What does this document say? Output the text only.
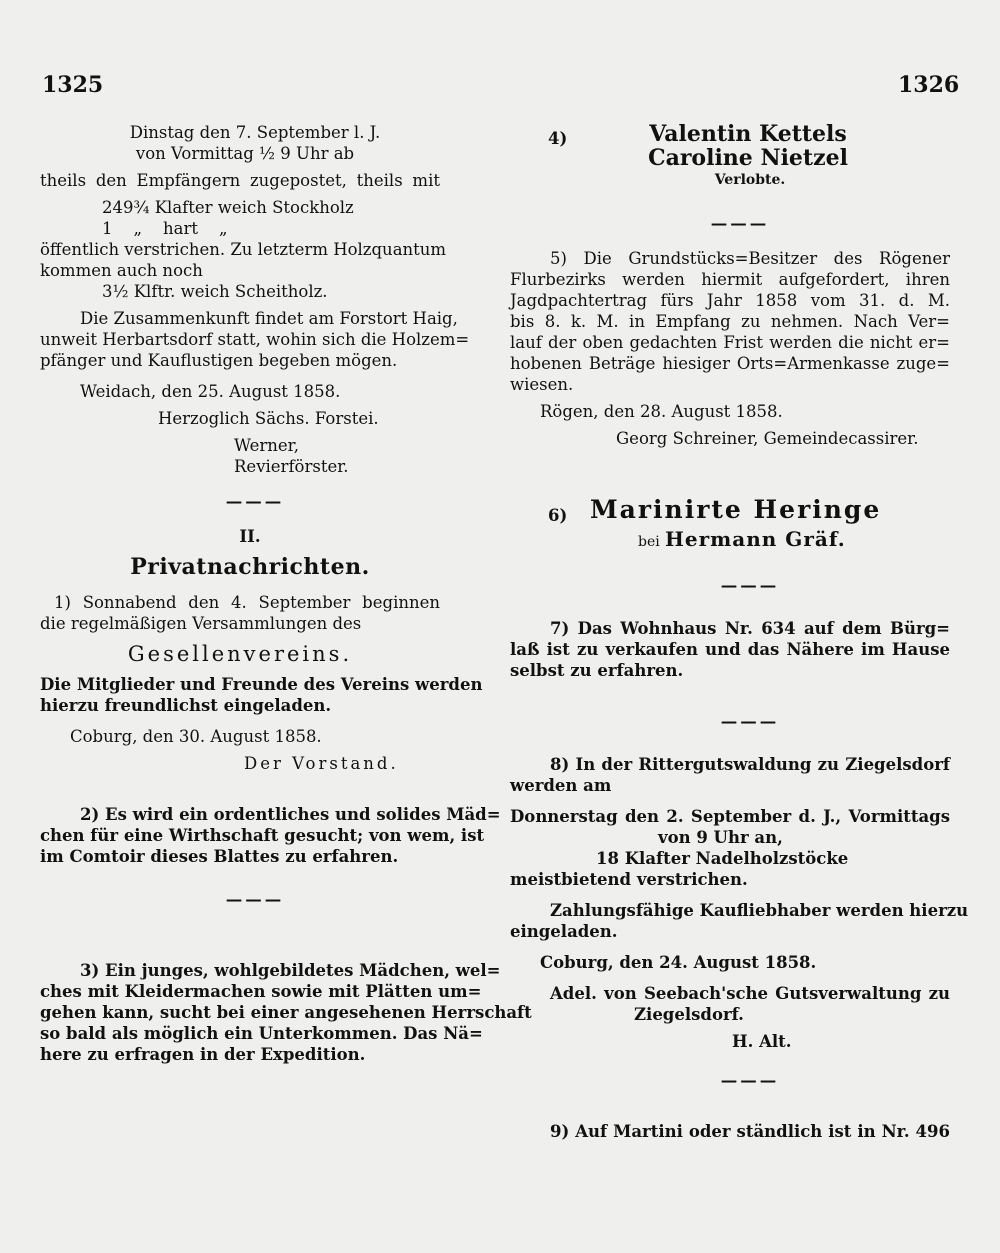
1325	1326
Dinstag den 7. September l. J.
von Vormittag ½ 9 Uhr ab
theils den Empfängern zugepostet, theils mit
249¾ Klafter weich Stockholz
1    „    hart    „
öffentlich verstrichen. Zu letzterm Holzquantum
kommen auch noch
3½ Klftr. weich Scheitholz.
Die Zusammenkunft findet am Forstort Haig,
unweit Herbartsdorf statt, wohin sich die Holzem=
pfänger und Kauflustigen begeben mögen.
Weidach, den 25. August 1858.
Herzoglich Sächs. Forstei.
Werner,
Revierförster.
———
II.
Privatnachrichten.
1) Sonnabend den 4. September beginnen
die regelmäßigen Versammlungen des
Gesellenvereins.
Die Mitglieder und Freunde des Vereins werden
hierzu freundlichst eingeladen.
Coburg, den 30. August 1858.
Der Vorstand.
2) Es wird ein ordentliches und solides Mäd=
chen für eine Wirthschaft gesucht; von wem, ist
im Comtoir dieses Blattes zu erfahren.
———
3) Ein junges, wohlgebildetes Mädchen, wel=
ches mit Kleidermachen sowie mit Plätten um=
gehen kann, sucht bei einer angesehenen Herrschaft
so bald als möglich ein Unterkommen. Das Nä=
here zu erfragen in der Expedition.
4)	Valentin Kettels
Caroline Nietzel
Verlobte.
———
5) Die Grundstücks=Besitzer des Rögener
Flurbezirks werden hiermit aufgefordert, ihren
Jagdpachtertrag fürs Jahr 1858 vom 31. d. M.
bis 8. k. M. in Empfang zu nehmen. Nach Ver=
lauf der oben gedachten Frist werden die nicht er=
hobenen Beträge hiesiger Orts=Armenkasse zuge=
wiesen.
Rögen, den 28. August 1858.
Georg Schreiner, Gemeindecassirer.
6) Marinirte Heringe
bei Hermann Gräf.
———
7) Das Wohnhaus Nr. 634 auf dem Bürg=
laß ist zu verkaufen und das Nähere im Hause
selbst zu erfahren.
———
8) In der Rittergutswaldung zu Ziegelsdorf
werden am
Donnerstag den 2. September d. J., Vormittags
von 9 Uhr an,
18 Klafter Nadelholzstöcke
meistbietend verstrichen.
Zahlungsfähige Kaufliebhaber werden hierzu
eingeladen.
Coburg, den 24. August 1858.
Adel. von Seebach'sche Gutsverwaltung zu
Ziegelsdorf.
H. Alt.
———
9) Auf Martini oder ständlich ist in Nr. 496
